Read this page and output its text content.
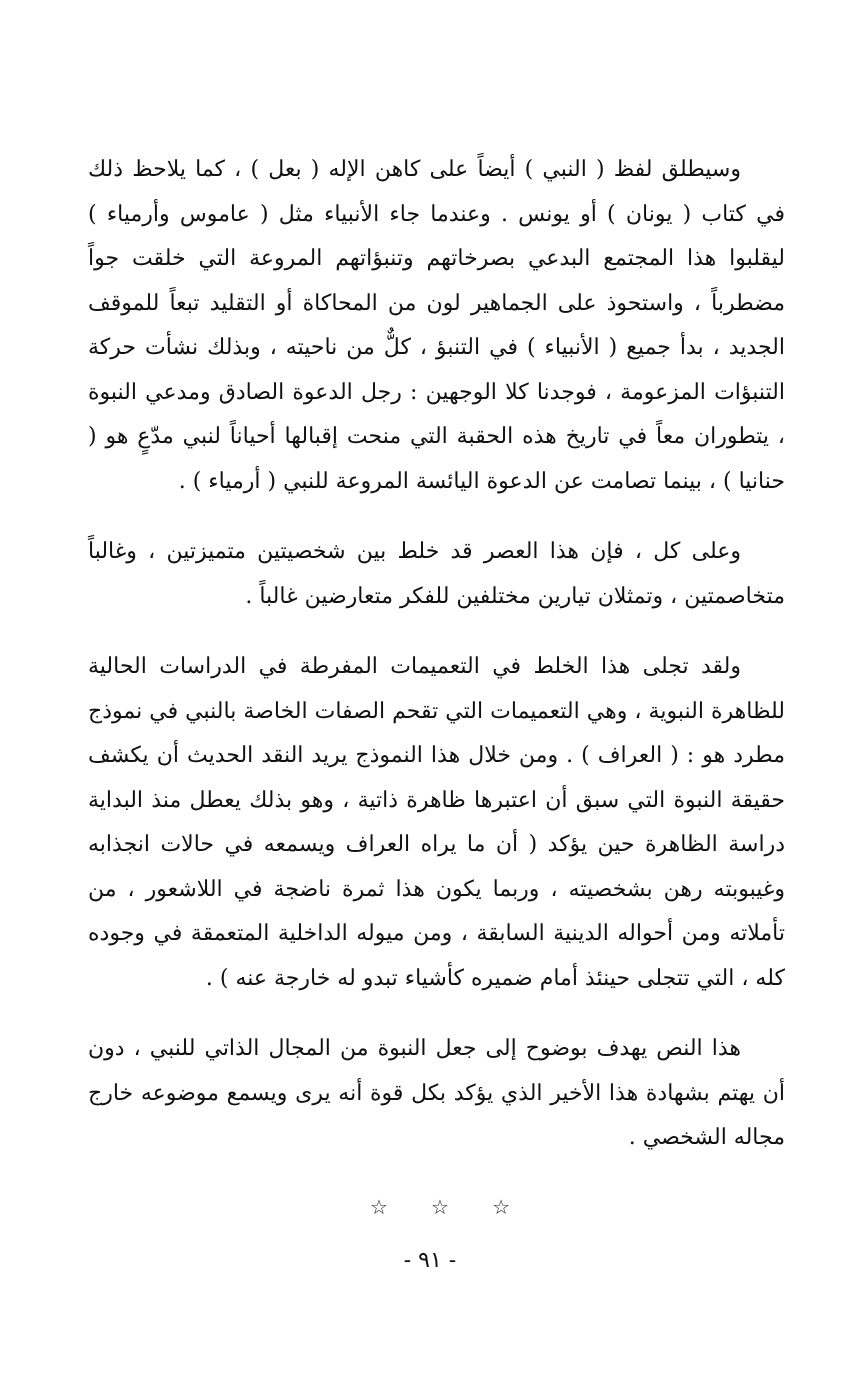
وسيطلق لفظ ( النبي ) أيضاً على كاهن الإله ( بعل ) ، كما يلاحظ ذلك في كتاب ( يونان ) أو يونس . وعندما جاء الأنبياء مثل ( عاموس وأرمياء ) ليقلبوا هذا المجتمع البدعي بصرخاتهم وتنبؤاتهم المروعة التي خلقت جواً مضطرباً ، واستحوذ على الجماهير لون من المحاكاة أو التقليد تبعاً للموقف الجديد ، بدأ جميع ( الأنبياء ) في التنبؤ ، كلٌّ من ناحيته ، وبذلك نشأت حركة التنبؤات المزعومة ، فوجدنا كلا الوجهين : رجل الدعوة الصادق ومدعي النبوة ، يتطوران معاً في تاريخ هذه الحقبة التي منحت إقبالها أحياناً لنبي مدّعٍ هو ( حنانيا ) ، بينما تصامت عن الدعوة اليائسة المروعة للنبي ( أرمياء ) .

وعلى كل ، فإن هذا العصر قد خلط بين شخصيتين متميزتين ، وغالباً متخاصمتين ، وتمثلان تيارين مختلفين للفكر متعارضين غالباً .

ولقد تجلى هذا الخلط في التعميمات المفرطة في الدراسات الحالية للظاهرة النبوية ، وهي التعميمات التي تقحم الصفات الخاصة بالنبي في نموذج مطرد هو : ( العراف ) . ومن خلال هذا النموذج يريد النقد الحديث أن يكشف حقيقة النبوة التي سبق أن اعتبرها ظاهرة ذاتية ، وهو بذلك يعطل منذ البداية دراسة الظاهرة حين يؤكد ( أن ما يراه العراف ويسمعه في حالات انجذابه وغيبوبته رهن بشخصيته ، وربما يكون هذا ثمرة ناضجة في اللاشعور ، من تأملاته ومن أحواله الدينية السابقة ، ومن ميوله الداخلية المتعمقة في وجوده كله ، التي تتجلى حينئذ أمام ضميره كأشياء تبدو له خارجة عنه ) .

هذا النص يهدف بوضوح إلى جعل النبوة من المجال الذاتي للنبي ، دون أن يهتم بشهادة هذا الأخير الذي يؤكد بكل قوة أنه يرى ويسمع موضوعه خارج مجاله الشخصي .

☆ ☆ ☆
- ٩١ -
